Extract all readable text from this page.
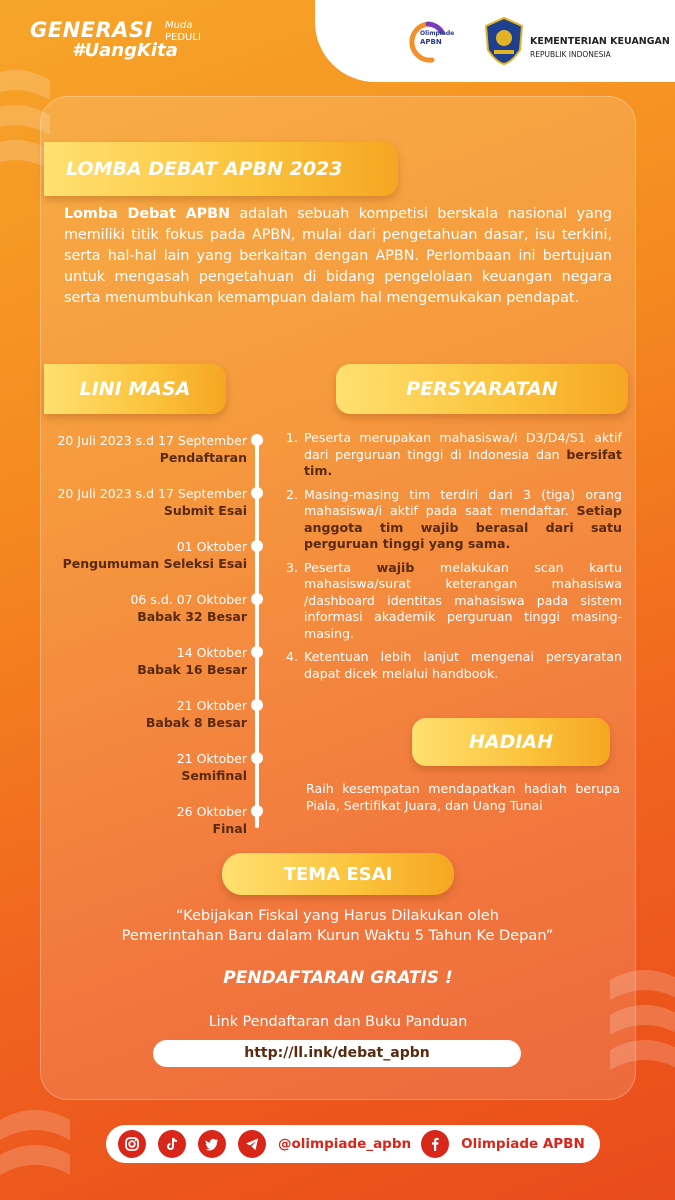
GENERASI	Muda
PEDULI
#UangKita
Olimpiade
APBN	KEMENTERIAN KEUANGAN
REPUBLIK INDONESIA
LOMBA DEBAT APBN 2023

Lomba Debat APBN adalah sebuah kompetisi berskala nasional yang memiliki titik fokus pada APBN, mulai dari pengetahuan dasar, isu terkini, serta hal-hal lain yang berkaitan dengan APBN. Perlombaan ini bertujuan untuk mengasah pengetahuan di bidang pengelolaan keuangan negara serta menumbuhkan kemampuan dalam hal mengemukakan pendapat.

LINI MASA	PERSYARATAN
20 Juli 2023 s.d 17 September
Pendaftaran
20 Juli 2023 s.d 17 September
Submit Esai
01 Oktober
Pengumuman Seleksi Esai
06 s.d. 07 Oktober
Babak 32 Besar
14 Oktober
Babak 16 Besar
21 Oktober
Babak 8 Besar
21 Oktober
Semifinal
26 Oktober
Final
1. Peserta merupakan mahasiswa/i D3/D4/S1 aktif dari perguruan tinggi di Indonesia dan bersifat tim.
2. Masing-masing tim terdiri dari 3 (tiga) orang mahasiswa/i aktif pada saat mendaftar. Setiap anggota tim wajib berasal dari satu perguruan tinggi yang sama.
3. Peserta wajib melakukan scan kartu mahasiswa/surat keterangan mahasiswa /dashboard identitas mahasiswa pada sistem informasi akademik perguruan tinggi masing-masing.
4. Ketentuan lebih lanjut mengenai persyaratan dapat dicek melalui handbook.
HADIAH

Raih kesempatan mendapatkan hadiah berupa Piala, Sertifikat Juara, dan Uang Tunai

TEMA ESAI
“Kebijakan Fiskal yang Harus Dilakukan oleh
Pemerintahan Baru dalam Kurun Waktu 5 Tahun Ke Depan”
PENDAFTARAN GRATIS !
Link Pendaftaran dan Buku Panduan
http://ll.ink/debat_apbn
@olimpiade_apbn	Olimpiade APBN
